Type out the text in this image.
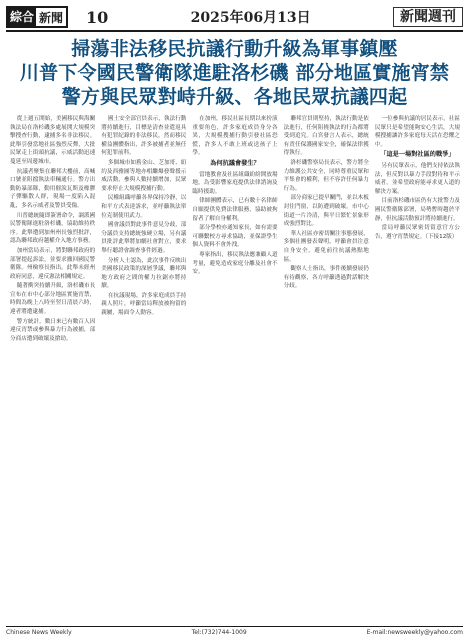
綜合 新聞 10	2025年06月13日	新聞週刊
掃蕩非法移民抗議行動升級為軍事鎮壓
川普下令國民警衛隊進駐洛杉磯 部分地區實施宵禁
警方與民眾對峙升級、各地民眾抗議四起

從上週五開始，美國移民與海關執法局在洛杉磯多處展開大規模突擊搜查行動，逮捕多名非法移民。此舉引發當地社區強烈反彈，大批民眾走上街頭抗議，示威活動迅速蔓延至周邊城市。

抗議者聚集在聯邦大樓前，高喊口號並阻擋執法車輛通行。警方出動防暴部隊，動用催淚瓦斯及橡膠子彈驅散人群，現場一度陷入混亂，多名示威者及警員受傷。

川普總統隨即簽署命令，調派國民警衛隊進駐洛杉磯，協助維持秩序。此舉遭到加州州長強烈批評，認為聯邦政府越權介入地方事務。

加州當局表示，將對聯邦政府的部署提起訴訟，並要求撤回國民警衛隊。州檢察長指出，此舉未經州政府同意，違反憲法相關規定。

隨著衝突持續升級，洛杉磯市長宣布在市中心部分地區實施宵禁，時間為晚上八時至翌日清晨六時，違者將遭逮捕。

警方統計，數日來已有數百人因違反宵禁或參與暴力行為被捕，部分商店遭到破壞及搶劫。

國土安全部官員表示，執法行動將持續進行，目標是清查並遣返具有犯罪紀錄的非法移民。然而移民權益團體指出，許多被捕者並無任何犯罪前科。

多個城市如舊金山、芝加哥、紐約及西雅圖等地亦相繼爆發聲援示威活動，參與人數持續增加，民眾要求停止大規模搜捕行動。

民權組織呼籲各界保持冷靜，以和平方式表達訴求，並呼籲執法單位克制使用武力。

國會議員對此事件意見分歧，部分議員支持總統強硬立場，另有議員批評此舉將加劇社會對立，要求舉行聽證會調查事件經過。

分析人士認為，此次事件反映出美國移民政策的深層爭議，聯邦與地方政府之間的權力拉鋸亦將持續。

在抗議現場，許多家庭成員手持親人照片，呼籲當局釋放被拘留的親屬，場面令人動容。

在加州，移民社區長期以來扮演重要角色，許多家庭成員身分各異，大規模搜捕行動引發社區恐慌，許多人不敢上班或送孩子上學。

為何抗議會發生？

當地教會及社區組織紛紛開放場地，為受影響家庭提供法律諮詢及臨時援助。

律師團體表示，已有數十名律師自願提供免費法律服務，協助被拘留者了解自身權利。

部分學校亦通知家長，如有需要可聯繫校方尋求協助，並保證學生個人資料不會外洩。

專家指出，移民執法應兼顧人道考量，避免造成家庭分離及社會不安。

聯邦官員則堅持，執法行動是依法進行，任何阻撓執法的行為都將受到追究。白宮發言人表示，總統有責任保護國家安全，確保法律獲得執行。

洛杉磯警察局長表示，警方將全力維護公共安全，同時尊重民眾和平集會的權利，但不容許任何暴力行為。

部分商家已提早關門，並以木板封住門窗，以防遭到破壞。市中心街道一片冷清，與平日繁忙景象形成強烈對比。

華人社區亦密切關注事態發展，多個社團發表聲明，呼籲會員注意自身安全，避免前往抗議熱點地區。

觀察人士指出，事件後續發展仍有待觀察，各方呼籲透過對話解決分歧。

一位參與抗議的居民表示，社區民眾只是希望能夠安心生活，大規模搜捕讓許多家庭每天活在恐懼之中。

「這是一場對社區的戰爭」

另有民眾表示，他們支持依法執法，但反對以暴力手段對待和平示威者，並希望政府能尋求更人道的解決方案。

目前洛杉磯市區仍有大批警力及國民警衛隊部署，局勢暫時趨於平靜，但抗議活動預計將持續進行。

當局呼籲民眾密切留意官方公告，遵守宵禁規定。（下接12版）

Chinese News Weekly	Tel:(732)744-1009	E-mail:newsweekly@yahoo.com
